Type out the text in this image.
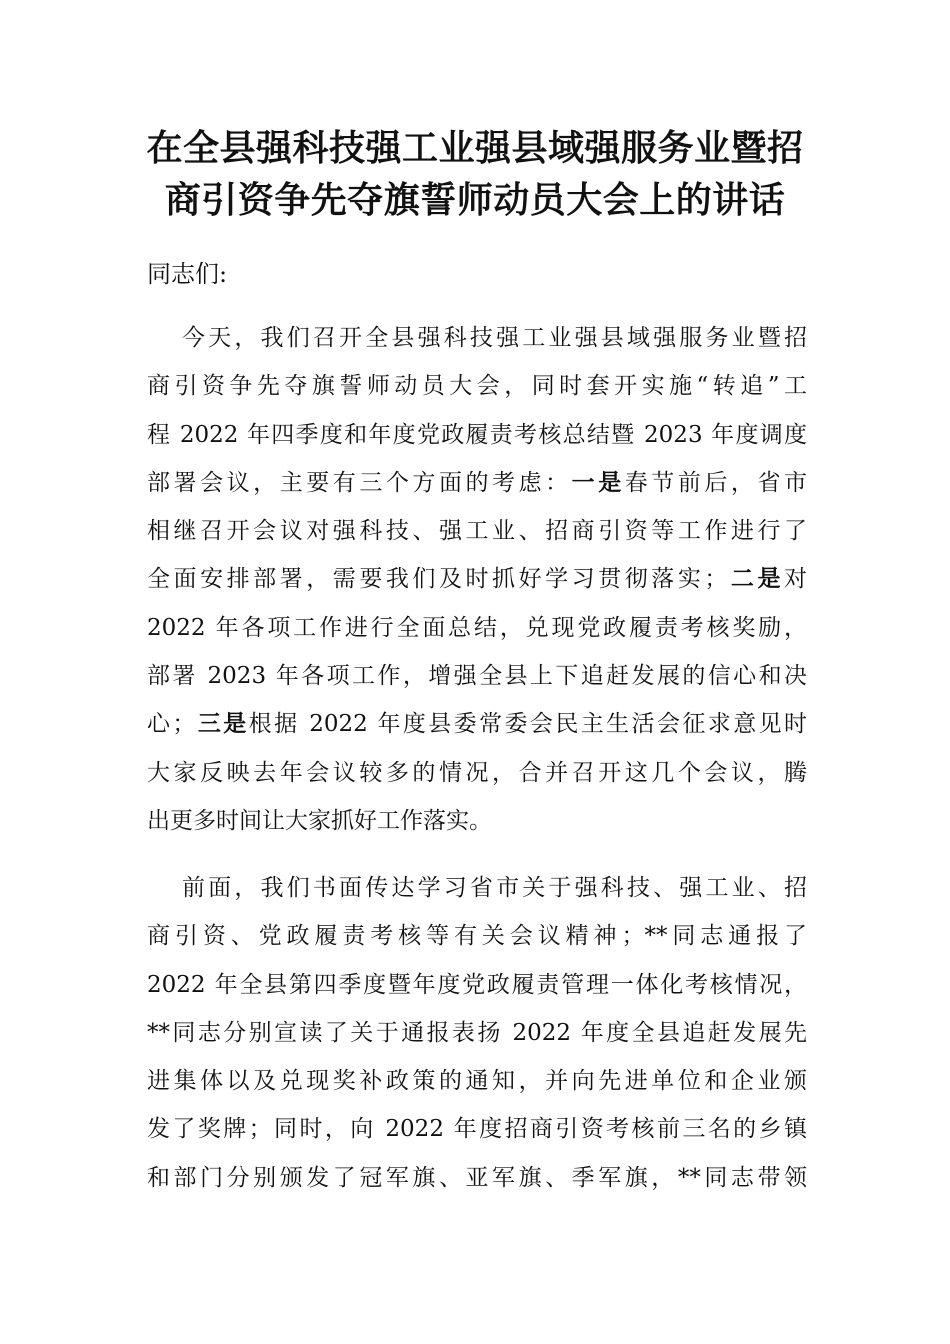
在全县强科技强工业强县域强服务业暨招
商引资争先夺旗誓师动员大会上的讲话

同志们:

今天，我们召开全县强科技强工业强县域强服务业暨招
商引资争先夺旗誓师动员大会，同时套开实施“转追”工
程 2022 年四季度和年度党政履责考核总结暨 2023 年度调度
部署会议，主要有三个方面的考虑：一是春节前后，省市
相继召开会议对强科技、强工业、招商引资等工作进行了
全面安排部署，需要我们及时抓好学习贯彻落实；二是对
2022 年各项工作进行全面总结，兑现党政履责考核奖励，
部署 2023 年各项工作，增强全县上下追赶发展的信心和决
心；三是根据 2022 年度县委常委会民主生活会征求意见时
大家反映去年会议较多的情况，合并召开这几个会议，腾
出更多时间让大家抓好工作落实。
前面，我们书面传达学习省市关于强科技、强工业、招
商引资、党政履责考核等有关会议精神；**同志通报了
2022 年全县第四季度暨年度党政履责管理一体化考核情况，
**同志分别宣读了关于通报表扬 2022 年度全县追赶发展先
进集体以及兑现奖补政策的通知，并向先进单位和企业颁
发了奖牌；同时，向 2022 年度招商引资考核前三名的乡镇
和部门分别颁发了冠军旗、亚军旗、季军旗，**同志带领
